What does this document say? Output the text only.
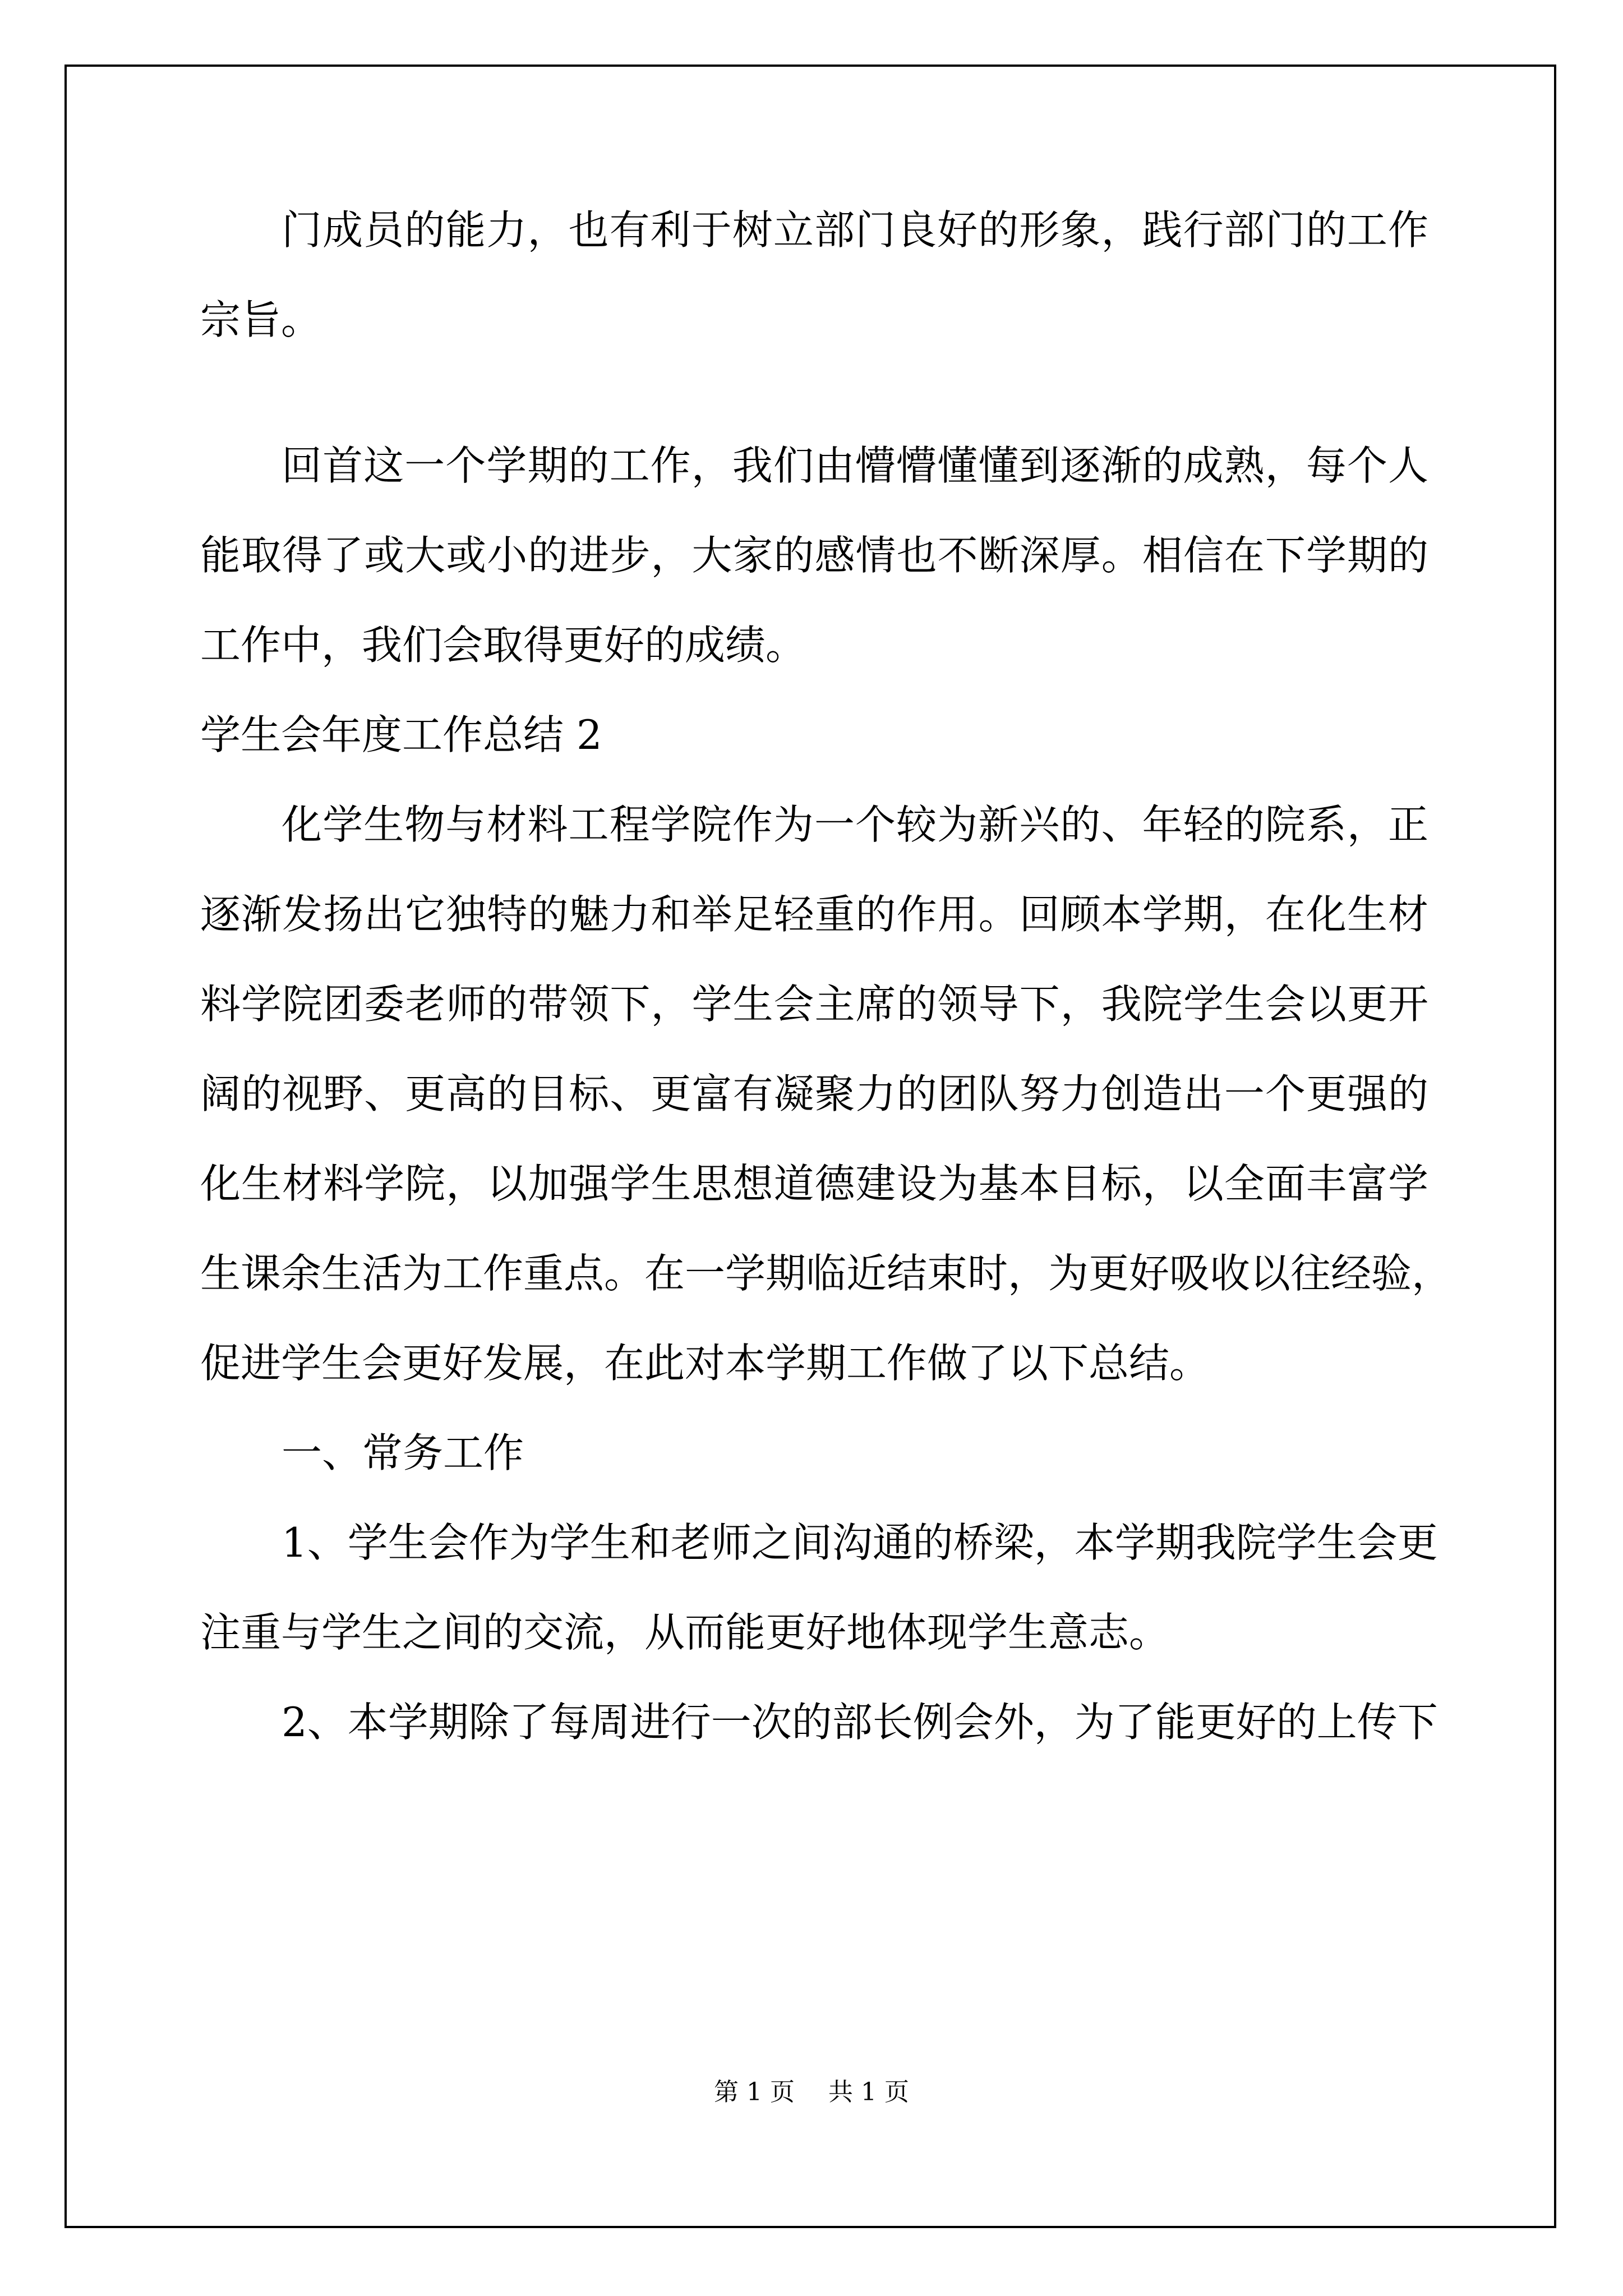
门成员的能力，也有利于树立部门良好的形象，践行部门的工作
宗旨。
回首这一个学期的工作，我们由懵懵懂懂到逐渐的成熟，每个人
能取得了或大或小的进步，大家的感情也不断深厚。相信在下学期的
工作中，我们会取得更好的成绩。
学生会年度工作总结 2
化学生物与材料工程学院作为一个较为新兴的、年轻的院系，正
逐渐发扬出它独特的魅力和举足轻重的作用。回顾本学期，在化生材
料学院团委老师的带领下，学生会主席的领导下，我院学生会以更开
阔的视野、更高的目标、更富有凝聚力的团队努力创造出一个更强的
化生材料学院，以加强学生思想道德建设为基本目标，以全面丰富学
生课余生活为工作重点。在一学期临近结束时，为更好吸收以往经验，
促进学生会更好发展，在此对本学期工作做了以下总结。
一、常务工作
1、学生会作为学生和老师之间沟通的桥梁，本学期我院学生会更
注重与学生之间的交流，从而能更好地体现学生意志。
2、本学期除了每周进行一次的部长例会外，为了能更好的上传下
第 1 页 共 1 页
